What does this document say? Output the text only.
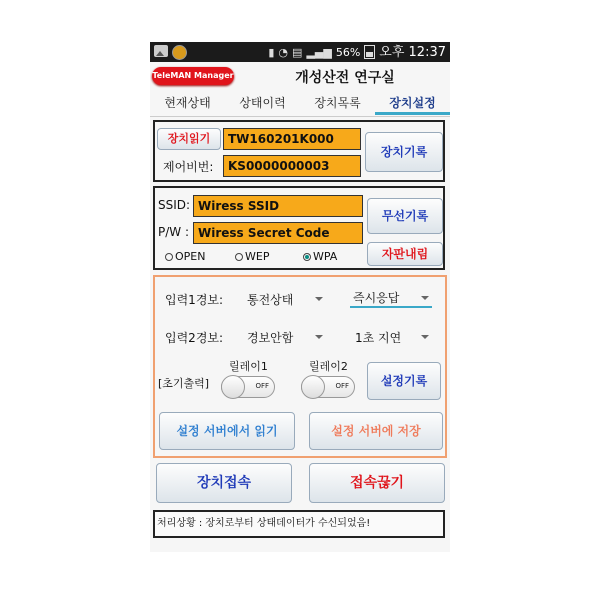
▮ ◔ ▤ ▂▄▆ 56% 오후 12:37
TeleMAN Manager	개성산전 연구실
현재상태	상태이력	장치목록	장치설정
장치읽기	TW160201K000
제어비번:	KS0000000003
장치기록
SSID: Wiress SSID
P/W : Wiress Secret Code
무선기록
자판내림
OPEN	WEP	WPA
입력1경보: 통전상태	즉시응답
입력2경보: 경보안함	1초 지연
[초기출력]
릴레이1
OFF
릴레이2
OFF	설정기록
설정 서버에서 읽기	설정 서버에 저장
장치접속	접속끊기
처리상황 : 장치로부터 상태데이터가 수신되었음!
